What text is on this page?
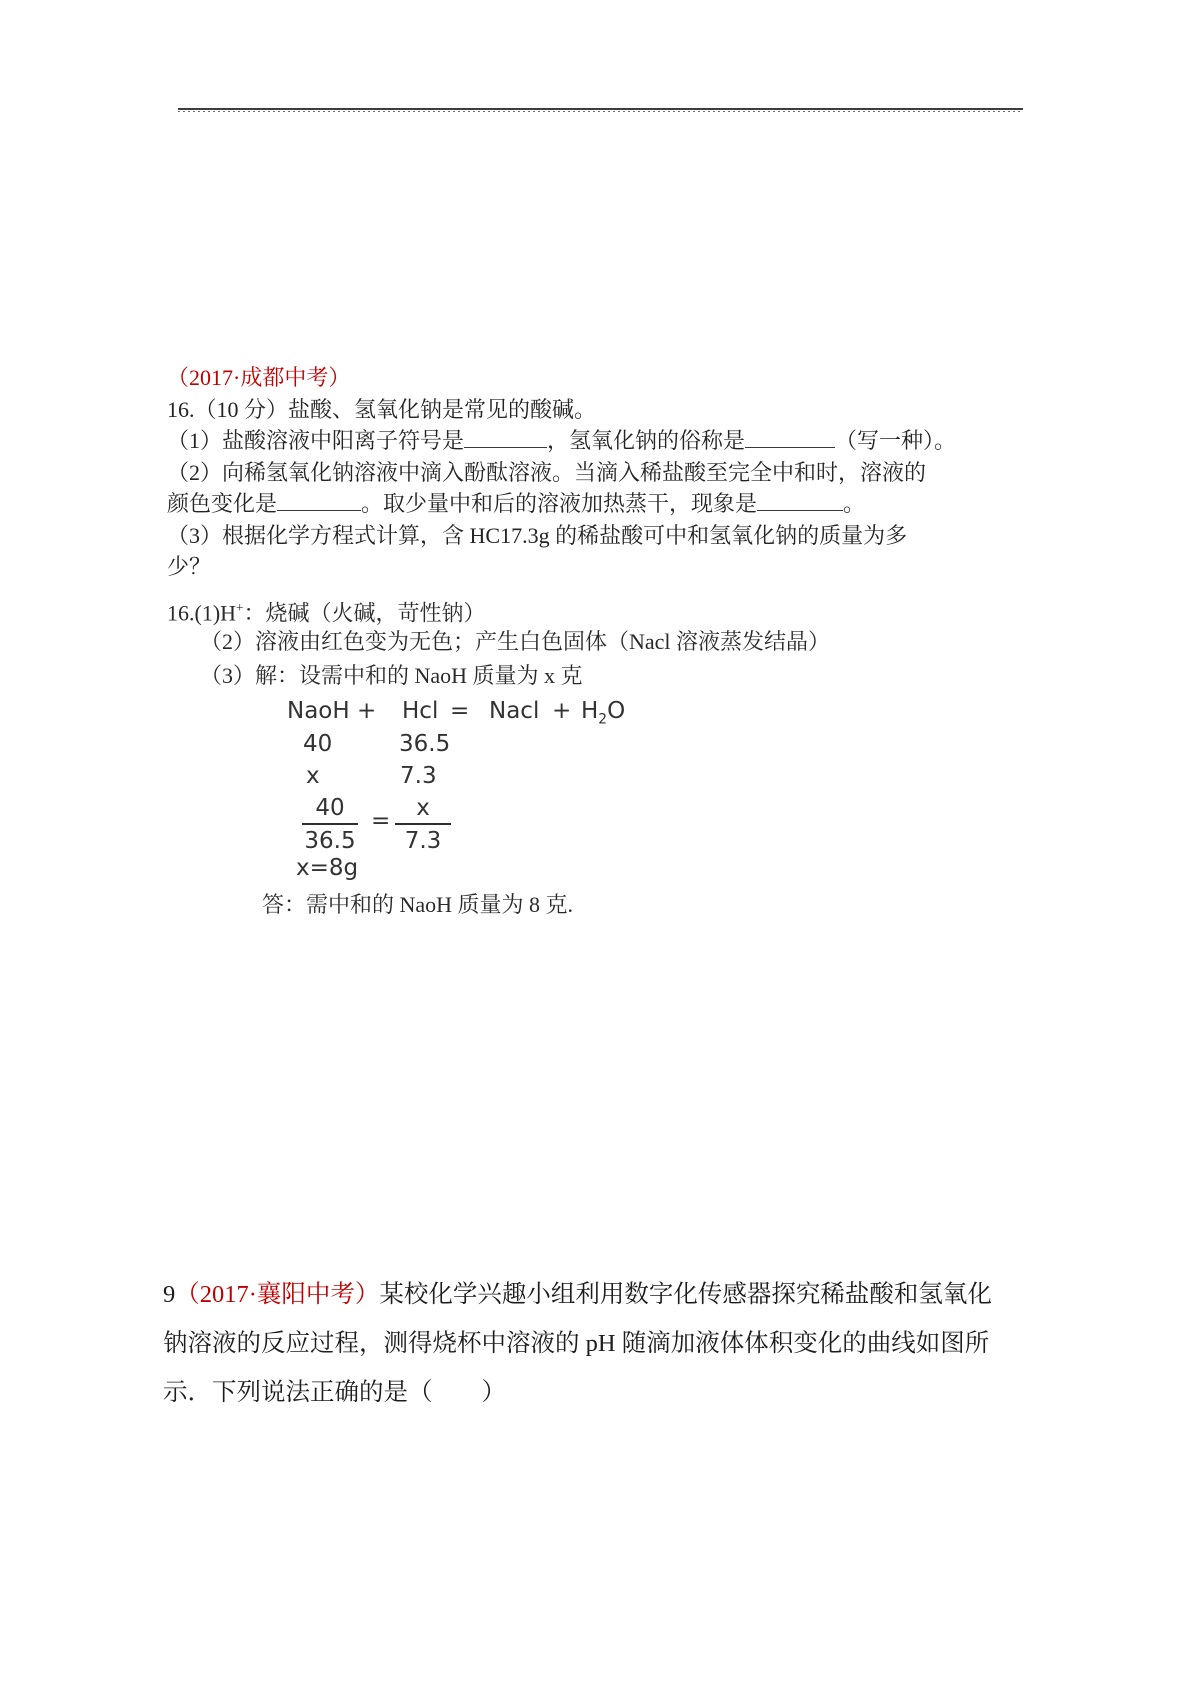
（2017·成都中考）
16.（10 分）盐酸、氢氧化钠是常见的酸碱。
（1）盐酸溶液中阳离子符号是	，氢氧化钠的俗称是	（写一种）。
（2）向稀氢氧化钠溶液中滴入酚酞溶液。当滴入稀盐酸至完全中和时，溶液的
颜色变化是	。取少量中和后的溶液加热蒸干，现象是	。
（3）根据化学方程式计算，含 HC17.3g 的稀盐酸可中和氢氧化钠的质量为多
少？
16.(1)H+：烧碱（火碱，苛性钠）
（2）溶液由红色变为无色；产生白色固体（Nacl 溶液蒸发结晶）
（3）解：设需中和的 NaoH 质量为 x 克
NaoH + Hcl = Nacl + $H_2O$
40	36.5
x	7.3
$\frac{40}{36.5} = \frac{x}{7.3}$
x=8g
答：需中和的 NaoH 质量为 8 克.
9（2017·襄阳中考）某校化学兴趣小组利用数字化传感器探究稀盐酸和氢氧化
钠溶液的反应过程，测得烧杯中溶液的 pH 随滴加液体体积变化的曲线如图所
示．下列说法正确的是（　　）
